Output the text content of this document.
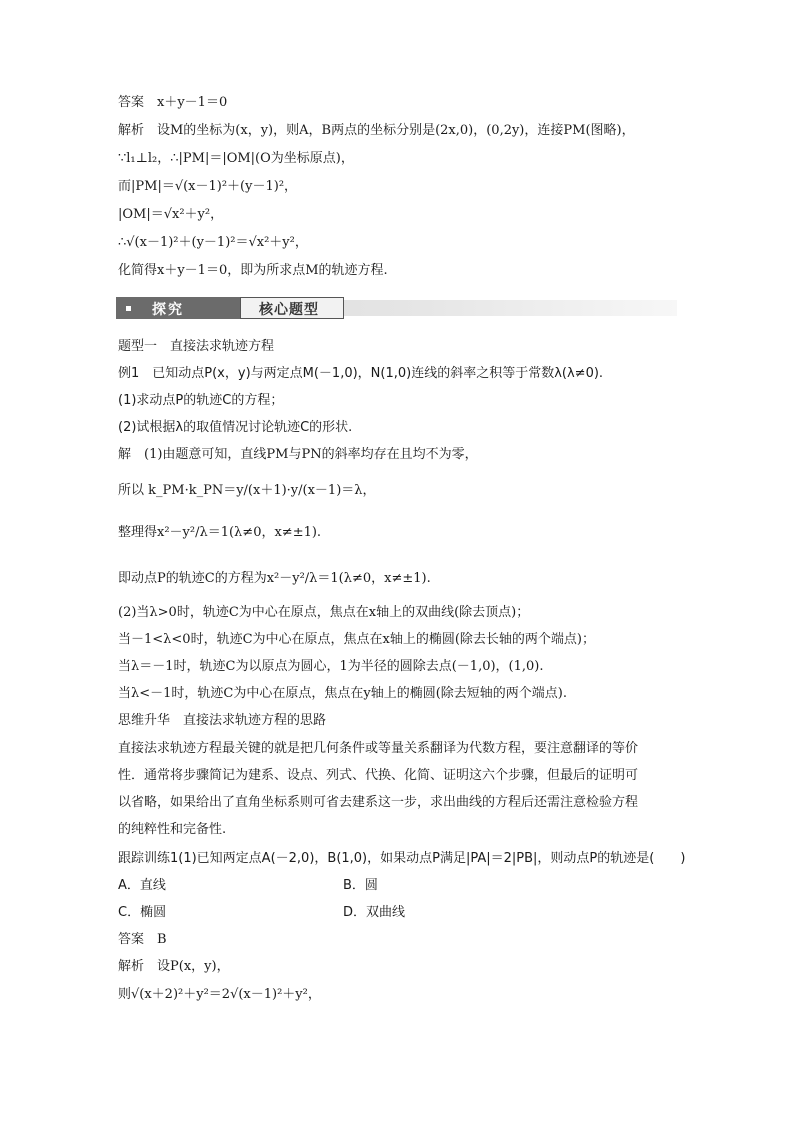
答案　x＋y－1＝0
解析　设M的坐标为(x，y)，则A，B两点的坐标分别是(2x,0)，(0,2y)，连接PM(图略)，
∵l₁⊥l₂，∴|PM|＝|OM|(O为坐标原点)，
而|PM|＝√(x－1)²＋(y－1)²，
|OM|＝√x²＋y²，
∴√(x－1)²＋(y－1)²＝√x²＋y²，
化简得x＋y－1＝0，即为所求点M的轨迹方程.
探究	核心题型
题型一　直接法求轨迹方程
例1　已知动点P(x，y)与两定点M(－1,0)，N(1,0)连线的斜率之积等于常数λ(λ≠0).
(1)求动点P的轨迹C的方程；
(2)试根据λ的取值情况讨论轨迹C的形状.
解　(1)由题意可知，直线PM与PN的斜率均存在且均不为零，
所以 k_PM·k_PN＝y/(x＋1)·y/(x－1)＝λ，
整理得x²－y²/λ＝1(λ≠0，x≠±1).
即动点P的轨迹C的方程为x²－y²/λ＝1(λ≠0，x≠±1).
(2)当λ>0时，轨迹C为中心在原点，焦点在x轴上的双曲线(除去顶点)；
当－1<λ<0时，轨迹C为中心在原点，焦点在x轴上的椭圆(除去长轴的两个端点)；
当λ＝－1时，轨迹C为以原点为圆心，1为半径的圆除去点(－1,0)，(1,0).
当λ<－1时，轨迹C为中心在原点，焦点在y轴上的椭圆(除去短轴的两个端点).
思维升华　直接法求轨迹方程的思路
直接法求轨迹方程最关键的就是把几何条件或等量关系翻译为代数方程，要注意翻译的等价
性．通常将步骤简记为建系、设点、列式、代换、化简、证明这六个步骤，但最后的证明可
以省略，如果给出了直角坐标系则可省去建系这一步，求出曲线的方程后还需注意检验方程
的纯粹性和完备性.
跟踪训练1(1)已知两定点A(－2,0)，B(1,0)，如果动点P满足|PA|＝2|PB|，则动点P的轨迹是(　　)
A．直线	B．圆
C．椭圆	D．双曲线
答案　B
解析　设P(x，y)，
则√(x＋2)²＋y²＝2√(x－1)²＋y²，
